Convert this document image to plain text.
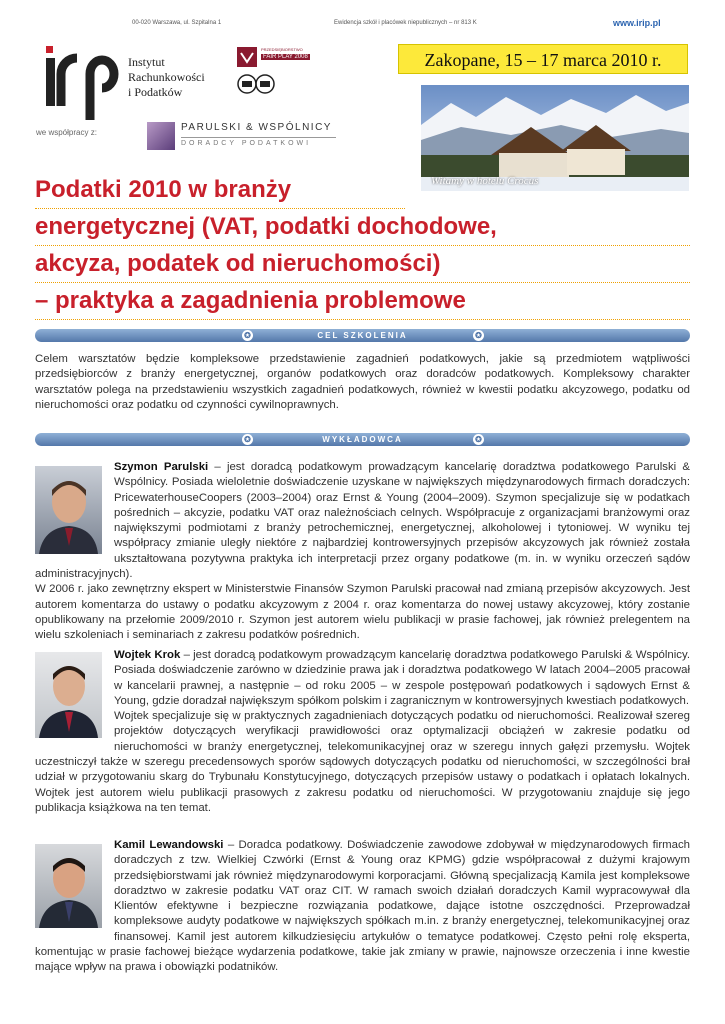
00-020 Warszawa, ul. Szpitalna 1	Ewidencja szkół i placówek niepublicznych – nr 813 K	www.irip.pl
Instytut
Rachunkowości
i Podatków
PRZEDSIĘBIORSTWO
FAIR PLAY 2008
we współpracy z:	PARULSKI & WSPÓLNICY
DORADCY PODATKOWI
Zakopane, 15 – 17 marca 2010 r.
Witamy w hotelu Crocus
Podatki 2010 w branży
energetycznej (VAT, podatki dochodowe,
akcyza, podatek od nieruchomości)
– praktyka a zagadnienia problemowe
✪	CEL SZKOLENIA	✪
Celem warsztatów będzie kompleksowe przedstawienie zagadnień podatkowych, jakie są przedmiotem wątpliwości przedsiębiorców z branży energetycznej, organów podatkowych oraz doradców podatkowych. Kompleksowy charakter warsztatów polega na przedstawieniu wszystkich zagadnień podatkowych, również w kwestii podatku akcyzowego, podatku od nieruchomości oraz podatku od czynności cywilnoprawnych.
✪	WYKŁADOWCA	✪
Szymon Parulski – jest doradcą podatkowym prowadzącym kancelarię doradztwa podatkowego Parulski & Wspólnicy. Posiada wieloletnie doświadczenie uzyskane w największych międzynarodowych firmach doradczych: PricewaterhouseCoopers (2003–2004) oraz Ernst & Young (2004–2009). Szymon specjalizuje się w podatkach pośrednich – akcyzie, podatku VAT oraz należnościach celnych. Współpracuje z organizacjami branżowymi oraz największymi podmiotami z branży petrochemicznej, energetycznej, alkoholowej i tytoniowej. W wyniku tej współpracy zmianie uległy niektóre z najbardziej kontrowersyjnych przepisów akcyzowych jak również została ukształtowana pozytywna praktyka ich interpretacji przez organy podatkowe (m. in. w wyniku orzeczeń sądów administracyjnych).
W 2006 r. jako zewnętrzny ekspert w Ministerstwie Finansów Szymon Parulski pracował nad zmianą przepisów akcyzowych. Jest autorem komentarza do ustawy o podatku akcyzowym z 2004 r. oraz komentarza do nowej ustawy akcyzowej, który zostanie opublikowany na przełomie 2009/2010 r. Szymon jest autorem wielu publikacji w prasie fachowej, jak również prelegentem na wielu szkoleniach i seminariach z zakresu podatków pośrednich.
Wojtek Krok – jest doradcą podatkowym prowadzącym kancelarię doradztwa podatkowego Parulski & Wspólnicy. Posiada doświadczenie zarówno w dziedzinie prawa jak i doradztwa podatkowego W latach 2004–2005 pracował w kancelarii prawnej, a następnie – od roku 2005 – w zespole postępowań podatkowych i sądowych Ernst & Young, gdzie doradzał największym spółkom polskim i zagranicznym w kontrowersyjnych kwestiach podatkowych.
Wojtek specjalizuje się w praktycznych zagadnieniach dotyczących podatku od nieruchomości. Realizował szereg projektów dotyczących weryfikacji prawidłowości oraz optymalizacji obciążeń w zakresie podatku od nieruchomości w branży energetycznej, telekomunikacyjnej oraz w szeregu innych gałęzi przemysłu. Wojtek uczestniczył także w szeregu precedensowych sporów sądowych dotyczących podatku od nieruchomości, w szczególności brał udział w przygotowaniu skarg do Trybunału Konstytucyjnego, dotyczących przepisów ustawy o podatkach i opłatach lokalnych. Wojtek jest autorem wielu publikacji prasowych z zakresu podatku od nieruchomości. W przygotowaniu znajduje się jego publikacja książkowa na ten temat.
Kamil Lewandowski – Doradca podatkowy. Doświadczenie zawodowe zdobywał w międzynarodowych firmach doradczych z tzw. Wielkiej Czwórki (Ernst & Young oraz KPMG) gdzie współpracował z dużymi krajowym przedsiębiorstwami jak również międzynarodowymi korporacjami. Główną specjalizacją Kamila jest kompleksowe doradztwo w zakresie podatku VAT oraz CIT. W ramach swoich działań doradczych Kamil wypracowywał dla Klientów efektywne i bezpieczne rozwiązania podatkowe, dające istotne oszczędności. Przeprowadzał kompleksowe audyty podatkowe w największych spółkach m.in. z branży energetycznej, telekomunikacyjnej oraz finansowej. Kamil jest autorem kilkudziesięciu artykułów o tematyce podatkowej. Często pełni rolę eksperta, komentując w prasie fachowej bieżące wydarzenia podatkowe, takie jak zmiany w prawie, najnowsze orzeczenia i inne kwestie mające wpływ na prawa i obowiązki podatników.
